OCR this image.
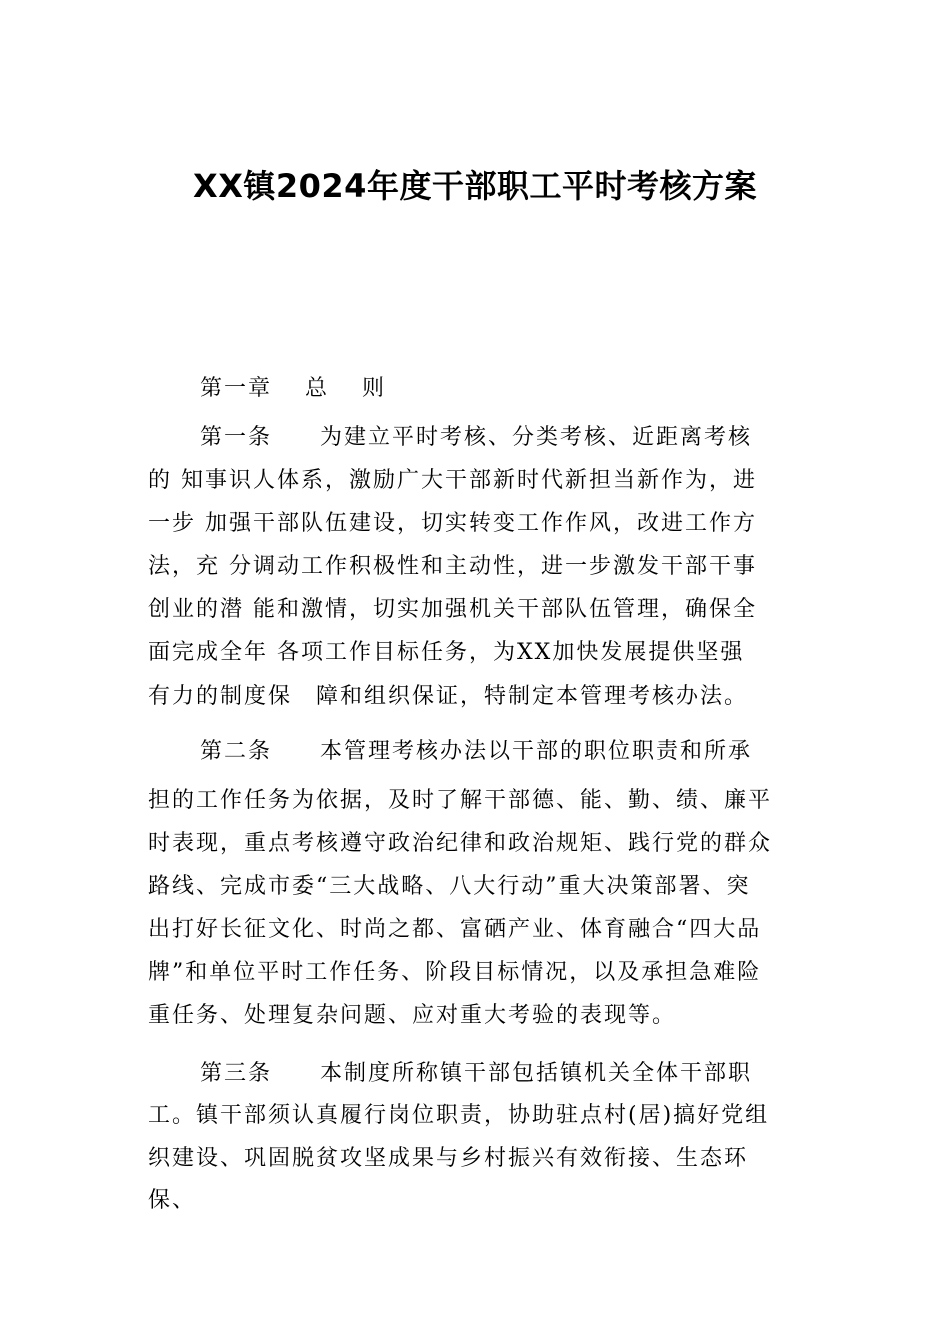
XX镇2024年度干部职工平时考核方案
第一章　 总　 则
第一条　　为建立平时考核、分类考核、近距离考核
的 知事识人体系，激励广大干部新时代新担当新作为，进
一步 加强干部队伍建设，切实转变工作作风，改进工作方
法，充 分调动工作积极性和主动性，进一步激发干部干事
创业的潜 能和激情，切实加强机关干部队伍管理，确保全
面完成全年 各项工作目标任务，为XX加快发展提供坚强
有力的制度保　障和组织保证，特制定本管理考核办法。
第二条　　本管理考核办法以干部的职位职责和所承
担的工作任务为依据，及时了解干部德、能、勤、绩、廉平
时表现，重点考核遵守政治纪律和政治规矩、践行党的群众
路线、完成市委“三大战略、八大行动”重大决策部署、突
出打好长征文化、时尚之都、富硒产业、体育融合“四大品
牌”和单位平时工作任务、阶段目标情况，以及承担急难险
重任务、处理复杂问题、应对重大考验的表现等。
第三条　　本制度所称镇干部包括镇机关全体干部职
工。镇干部须认真履行岗位职责，协助驻点村(居)搞好党组
织建设、巩固脱贫攻坚成果与乡村振兴有效衔接、生态环
保、
